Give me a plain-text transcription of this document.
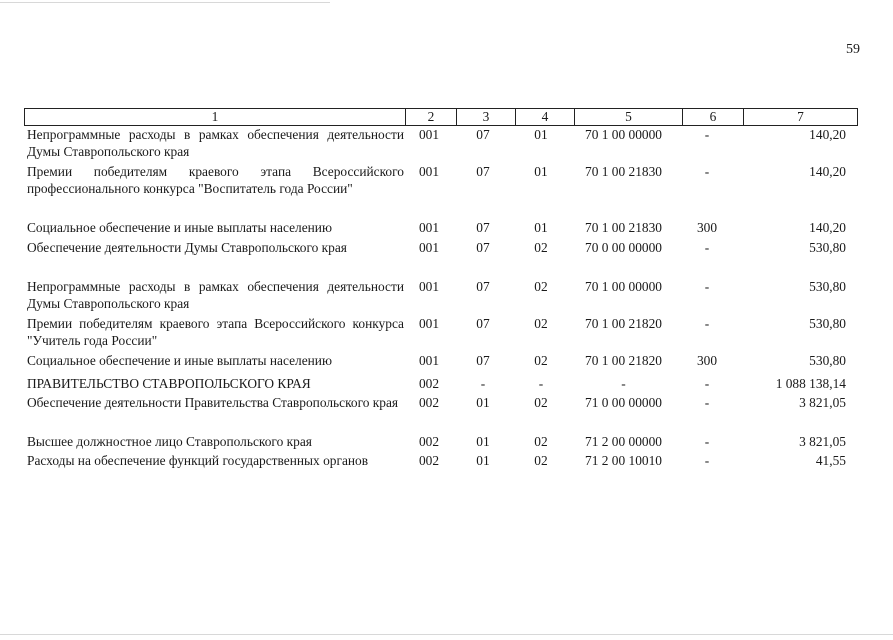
59
1	2	3	4	5	6	7
Непрограммные расходы в рамках обеспечения деятельности Думы Ставропольского края
001	07	01	70 1 00 00000	-	140,20
Премии победителям краевого этапа Всероссийского профессионального конкурса "Воспитатель года России"
001	07	01	70 1 00 21830	-	140,20
Социальное обеспечение и иные выплаты населению	001	07	01	70 1 00 21830	300	140,20
Обеспечение деятельности Думы Ставропольского края	001	07	02	70 0 00 00000	-	530,80
Непрограммные расходы в рамках обеспечения деятельности Думы Ставропольского края
001	07	02	70 1 00 00000	-	530,80
Премии победителям краевого этапа Всероссийского конкурса "Учитель года России"
001	07	02	70 1 00 21820	-	530,80
Социальное обеспечение и иные выплаты населению	001	07	02	70 1 00 21820	300	530,80
ПРАВИТЕЛЬСТВО СТАВРОПОЛЬСКОГО КРАЯ	002	-	-	-	-	1 088 138,14
Обеспечение деятельности Правительства Ставропольского края	002	01	02	71 0 00 00000	-	3 821,05
Высшее должностное лицо Ставропольского края	002	01	02	71 2 00 00000	-	3 821,05
Расходы на обеспечение функций государственных органов	002	01	02	71 2 00 10010	-	41,55
